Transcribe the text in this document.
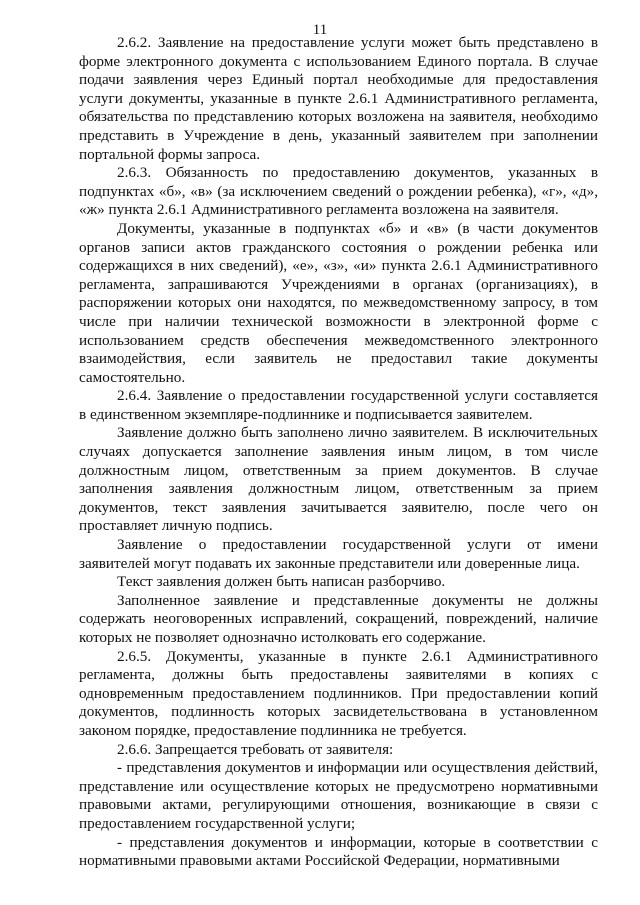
11

2.6.2. Заявление на предоставление услуги может быть представлено в форме электронного документа с использованием Единого портала. В случае подачи заявления через Единый портал необходимые для предоставления услуги документы, указанные в пункте 2.6.1 Административного регламента, обязательства по представлению которых возложена на заявителя, необходимо представить в Учреждение в день, указанный заявителем при заполнении портальной формы запроса.

2.6.3. Обязанность по предоставлению документов, указанных в подпунктах «б», «в» (за исключением сведений о рождении ребенка), «г», «д», «ж» пункта 2.6.1 Административного регламента возложена на заявителя.

Документы, указанные в подпунктах «б» и «в» (в части документов органов записи актов гражданского состояния о рождении ребенка или содержащихся в них сведений), «е», «з», «и» пункта 2.6.1 Административного регламента, запрашиваются Учреждениями в органах (организациях), в распоряжении которых они находятся, по межведомственному запросу, в том числе при наличии технической возможности в электронной форме с использованием средств обеспечения межведомственного электронного взаимодействия, если заявитель не предоставил такие документы самостоятельно.

2.6.4. Заявление о предоставлении государственной услуги составляется в единственном экземпляре-подлиннике и подписывается заявителем.

Заявление должно быть заполнено лично заявителем. В исключительных случаях допускается заполнение заявления иным лицом, в том числе должностным лицом, ответственным за прием документов. В случае заполнения заявления должностным лицом, ответственным за прием документов, текст заявления зачитывается заявителю, после чего он проставляет личную подпись.

Заявление о предоставлении государственной услуги от имени заявителей могут подавать их законные представители или доверенные лица.

Текст заявления должен быть написан разборчиво.

Заполненное заявление и представленные документы не должны содержать неоговоренных исправлений, сокращений, повреждений, наличие которых не позволяет однозначно истолковать его содержание.

2.6.5. Документы, указанные в пункте 2.6.1 Административного регламента, должны быть предоставлены заявителями в копиях с одновременным предоставлением подлинников. При предоставлении копий документов, подлинность которых засвидетельствована в установленном законом порядке, предоставление подлинника не требуется.

2.6.6. Запрещается требовать от заявителя:

- представления документов и информации или осуществления действий, представление или осуществление которых не предусмотрено нормативными правовыми актами, регулирующими отношения, возникающие в связи с предоставлением государственной услуги;

- представления документов и информации, которые в соответствии с нормативными правовыми актами Российской Федерации, нормативными
